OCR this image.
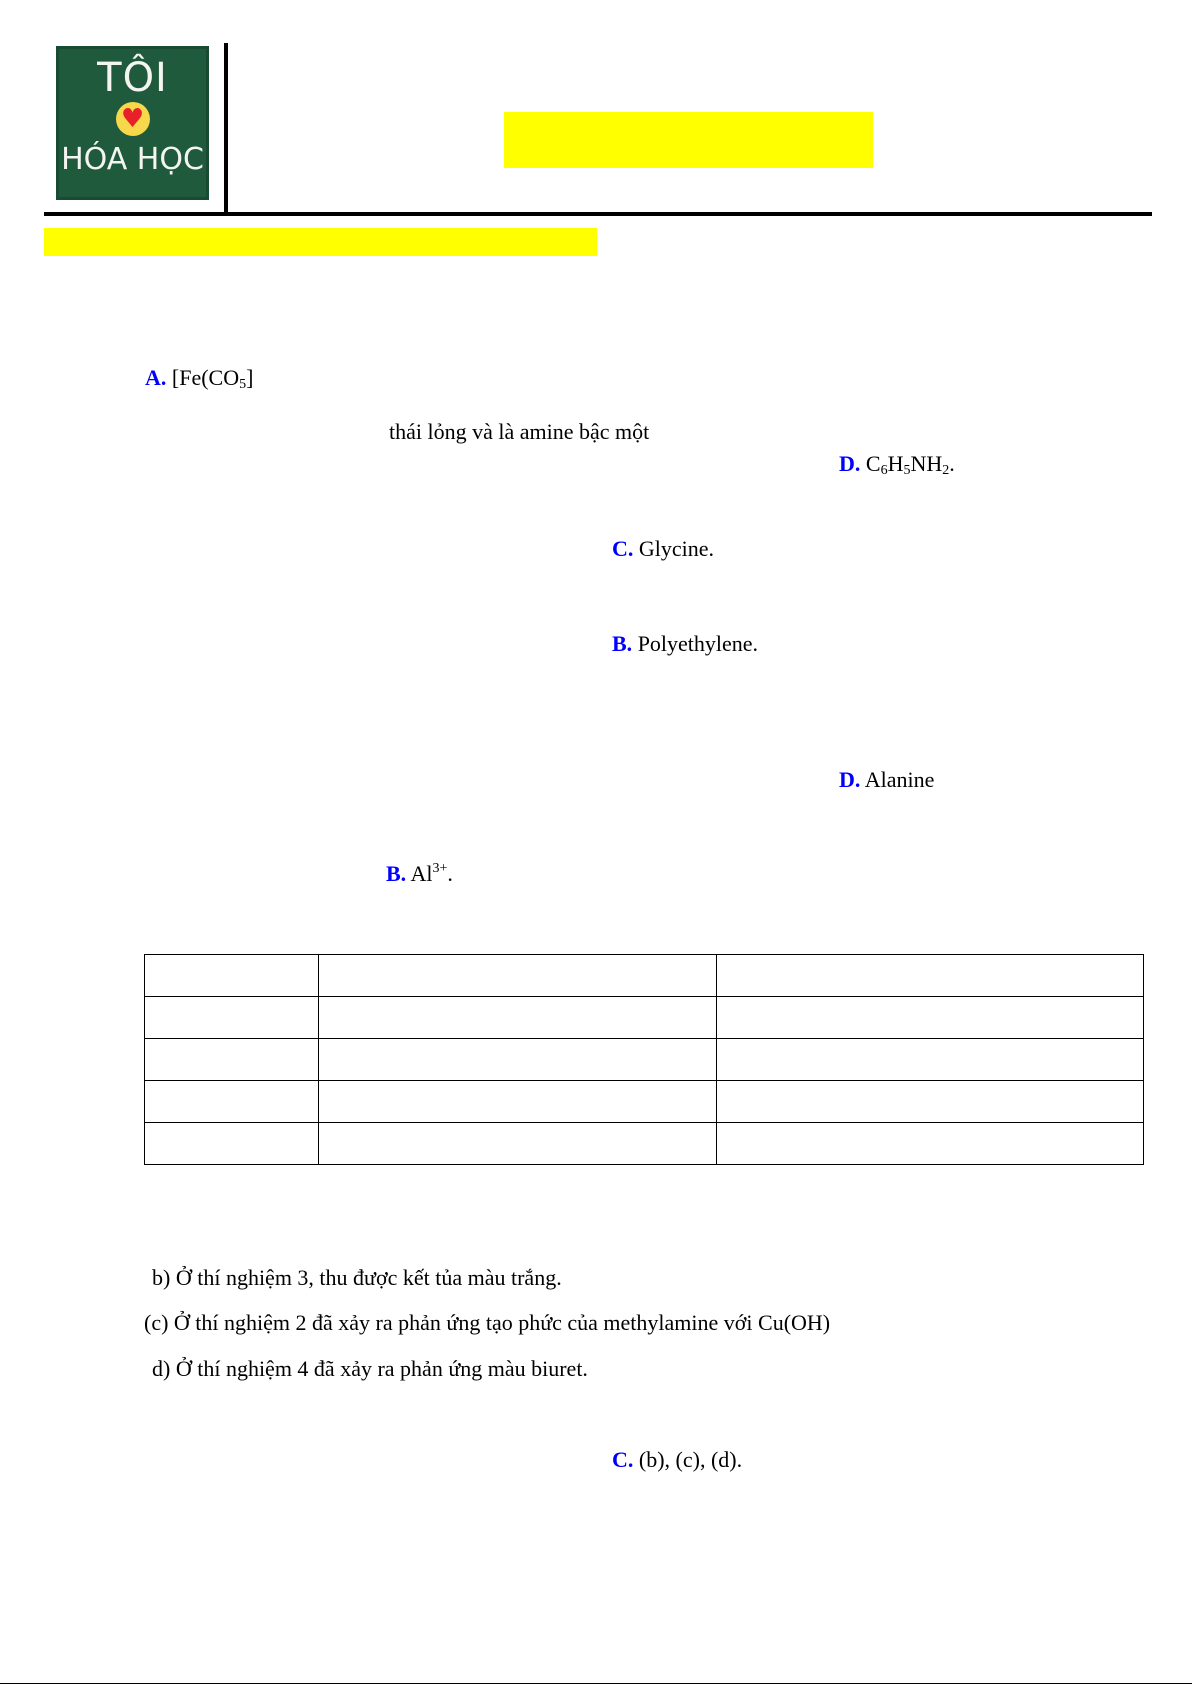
TÔI
♥
HÓA HỌC
A. [$Fe(CO_5]$
thái lỏng và là amine bậc một
D. $C_6H_5NH_2$.
C. Glycine.
B. Polyethylene.
D. Alanine
B. $Al^{3+}$.

b) Ở thí nghiệm 3, thu được kết tủa màu trắng.
(c) Ở thí nghiệm 2 đã xảy ra phản ứng tạo phức của methylamine với Cu(OH)
d) Ở thí nghiệm 4 đã xảy ra phản ứng màu biuret.
C. (b), (c), (d).
